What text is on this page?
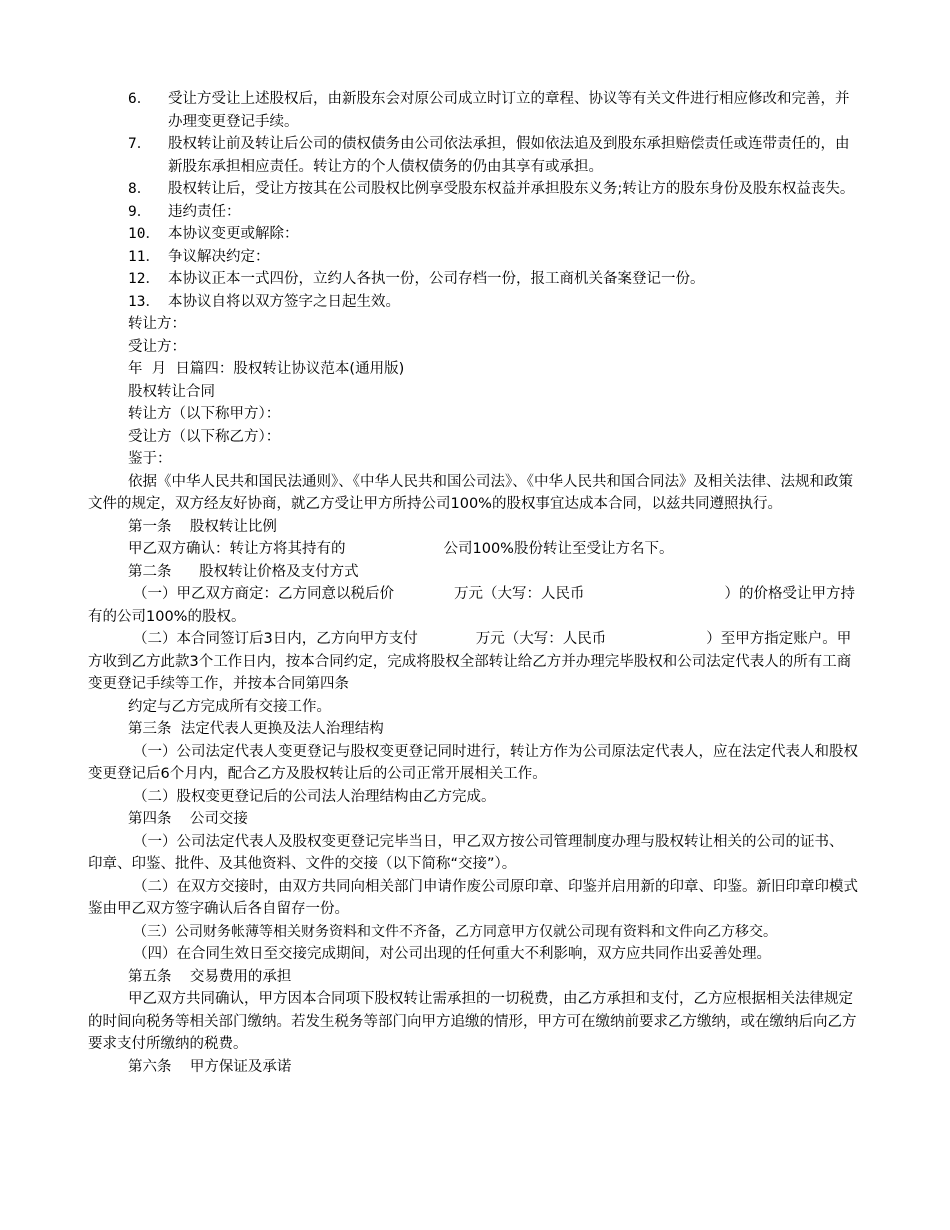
6．	受让方受让上述股权后，由新股东会对原公司成立时订立的章程、协议等有关文件进行相应修改和完善，并办理变更登记手续。
7．	股权转让前及转让后公司的债权债务由公司依法承担，假如依法追及到股东承担赔偿责任或连带责任的，由新股东承担相应责任。转让方的个人债权债务的仍由其享有或承担。
8．	股权转让后，受让方按其在公司股权比例享受股东权益并承担股东义务;转让方的股东身份及股东权益丧失。
9．	违约责任：
10． 本协议变更或解除：
11． 争议解决约定：
12． 本协议正本一式四份，立约人各执一份，公司存档一份，报工商机关备案登记一份。
13． 本协议自将以双方签字之日起生效。

转让方：

受让方：

年  月  日篇四：股权转让协议范本(通用版)

股权转让合同

转让方（以下称甲方）：

受让方（以下称乙方）：

鉴于：

依据《中华人民共和国民法通则》、《中华人民共和国公司法》、《中华人民共和国合同法》及相关法律、法规和政策文件的规定，双方经友好协商，就乙方受让甲方所持公司100%的股权事宜达成本合同，以兹共同遵照执行。

第一条    股权转让比例

甲乙双方确认：转让方将其持有的	公司100%股份转让至受让方名下。

第二条      股权转让价格及支付方式

（一）甲乙双方商定：乙方同意以税后价	万元（大写：人民币	）的价格受让甲方持有的公司100%的股权。

（二）本合同签订后3日内，乙方向甲方支付	万元（大写：人民币	）至甲方指定账户。甲方收到乙方此款3个工作日内，按本合同约定，完成将股权全部转让给乙方并办理完毕股权和公司法定代表人的所有工商变更登记手续等工作，并按本合同第四条

约定与乙方完成所有交接工作。

第三条  法定代表人更换及法人治理结构

（一）公司法定代表人变更登记与股权变更登记同时进行，转让方作为公司原法定代表人，应在法定代表人和股权变更登记后6个月内，配合乙方及股权转让后的公司正常开展相关工作。

（二）股权变更登记后的公司法人治理结构由乙方完成。

第四条    公司交接

（一）公司法定代表人及股权变更登记完毕当日，甲乙双方按公司管理制度办理与股权转让相关的公司的证书、  印章、印鉴、批件、及其他资料、文件的交接（以下简称“交接”）。

（二）在双方交接时，由双方共同向相关部门申请作废公司原印章、印鉴并启用新的印章、印鉴。新旧印章印模式鉴由甲乙双方签字确认后各自留存一份。

（三）公司财务帐薄等相关财务资料和文件不齐备，乙方同意甲方仅就公司现有资料和文件向乙方移交。

（四）在合同生效日至交接完成期间，对公司出现的任何重大不利影响，双方应共同作出妥善处理。

第五条    交易费用的承担

甲乙双方共同确认，甲方因本合同项下股权转让需承担的一切税费，由乙方承担和支付，乙方应根据相关法律规定的时间向税务等相关部门缴纳。若发生税务等部门向甲方追缴的情形，甲方可在缴纳前要求乙方缴纳，或在缴纳后向乙方要求支付所缴纳的税费。

第六条    甲方保证及承诺
